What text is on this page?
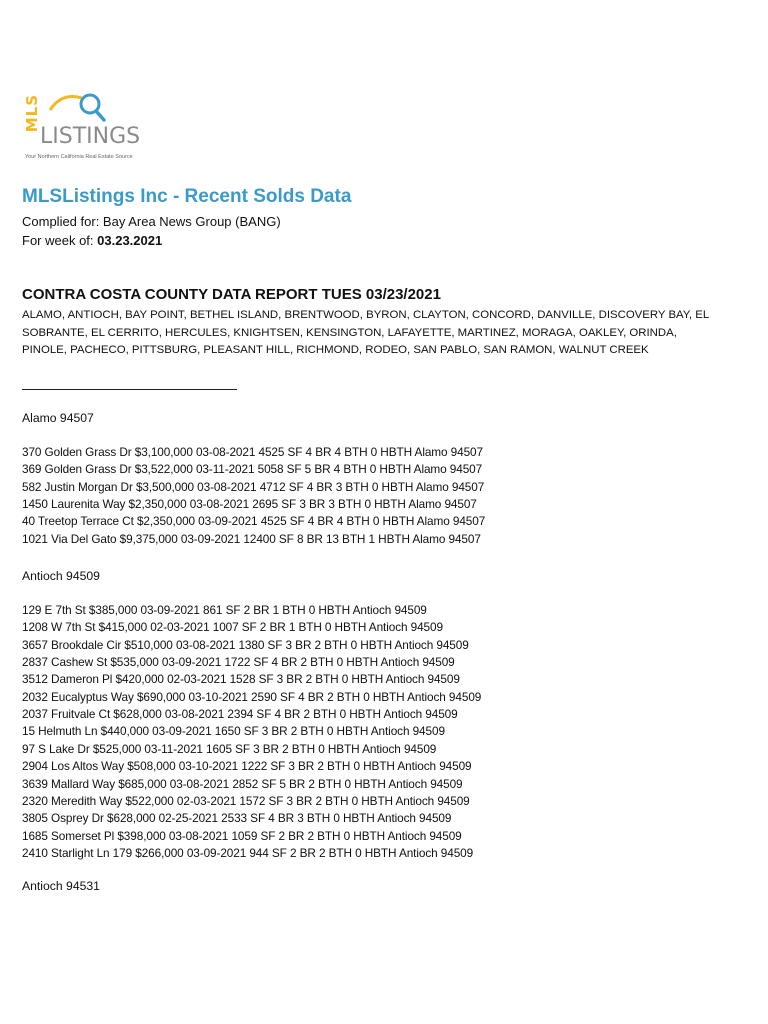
MLS
LISTINGS
Your Northern California Real Estate Source
MLSListings Inc - Recent Solds Data
Complied for: Bay Area News Group (BANG)
For week of: 03.23.2021
CONTRA COSTA COUNTY DATA REPORT TUES 03/23/2021
ALAMO, ANTIOCH, BAY POINT, BETHEL ISLAND, BRENTWOOD, BYRON, CLAYTON, CONCORD, DANVILLE, DISCOVERY BAY, EL SOBRANTE, EL CERRITO, HERCULES, KNIGHTSEN, KENSINGTON, LAFAYETTE, MARTINEZ, MORAGA, OAKLEY, ORINDA, PINOLE, PACHECO, PITTSBURG, PLEASANT HILL, RICHMOND, RODEO, SAN PABLO, SAN RAMON, WALNUT CREEK
Alamo 94507
370 Golden Grass Dr $3,100,000 03-08-2021 4525 SF 4 BR 4 BTH 0 HBTH Alamo 94507
369 Golden Grass Dr $3,522,000 03-11-2021 5058 SF 5 BR 4 BTH 0 HBTH Alamo 94507
582 Justin Morgan Dr $3,500,000 03-08-2021 4712 SF 4 BR 3 BTH 0 HBTH Alamo 94507
1450 Laurenita Way $2,350,000 03-08-2021 2695 SF 3 BR 3 BTH 0 HBTH Alamo 94507
40 Treetop Terrace Ct $2,350,000 03-09-2021 4525 SF 4 BR 4 BTH 0 HBTH Alamo 94507
1021 Via Del Gato $9,375,000 03-09-2021 12400 SF 8 BR 13 BTH 1 HBTH Alamo 94507
Antioch 94509
129 E 7th St $385,000 03-09-2021 861 SF 2 BR 1 BTH 0 HBTH Antioch 94509
1208 W 7th St $415,000 02-03-2021 1007 SF 2 BR 1 BTH 0 HBTH Antioch 94509
3657 Brookdale Cir $510,000 03-08-2021 1380 SF 3 BR 2 BTH 0 HBTH Antioch 94509
2837 Cashew St $535,000 03-09-2021 1722 SF 4 BR 2 BTH 0 HBTH Antioch 94509
3512 Dameron Pl $420,000 02-03-2021 1528 SF 3 BR 2 BTH 0 HBTH Antioch 94509
2032 Eucalyptus Way $690,000 03-10-2021 2590 SF 4 BR 2 BTH 0 HBTH Antioch 94509
2037 Fruitvale Ct $628,000 03-08-2021 2394 SF 4 BR 2 BTH 0 HBTH Antioch 94509
15 Helmuth Ln $440,000 03-09-2021 1650 SF 3 BR 2 BTH 0 HBTH Antioch 94509
97 S Lake Dr $525,000 03-11-2021 1605 SF 3 BR 2 BTH 0 HBTH Antioch 94509
2904 Los Altos Way $508,000 03-10-2021 1222 SF 3 BR 2 BTH 0 HBTH Antioch 94509
3639 Mallard Way $685,000 03-08-2021 2852 SF 5 BR 2 BTH 0 HBTH Antioch 94509
2320 Meredith Way $522,000 02-03-2021 1572 SF 3 BR 2 BTH 0 HBTH Antioch 94509
3805 Osprey Dr $628,000 02-25-2021 2533 SF 4 BR 3 BTH 0 HBTH Antioch 94509
1685 Somerset Pl $398,000 03-08-2021 1059 SF 2 BR 2 BTH 0 HBTH Antioch 94509
2410 Starlight Ln 179 $266,000 03-09-2021 944 SF 2 BR 2 BTH 0 HBTH Antioch 94509
Antioch 94531
